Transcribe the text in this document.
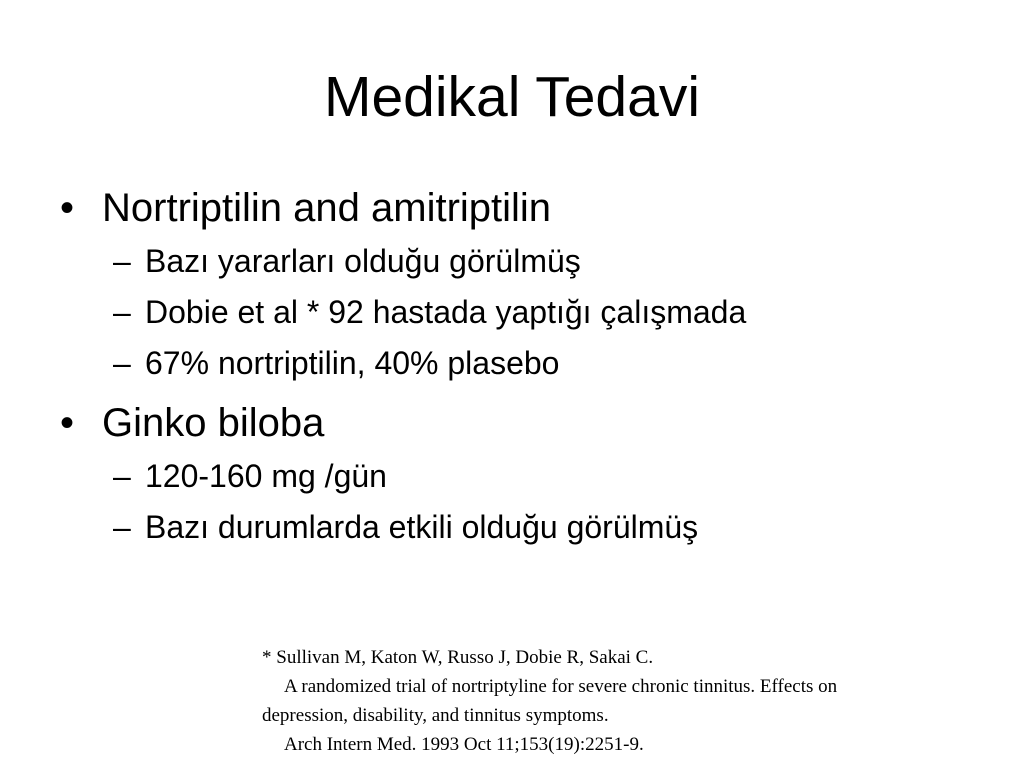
Medikal Tedavi
• Nortriptilin and amitriptilin
– Bazı yararları olduğu görülmüş
– Dobie et al * 92 hastada yaptığı çalışmada
– 67% nortriptilin, 40% plasebo
• Ginko biloba
– 120-160 mg /gün
– Bazı durumlarda etkili olduğu görülmüş
* Sullivan M, Katon W, Russo J, Dobie R, Sakai C.
A randomized trial of nortriptyline for severe chronic tinnitus. Effects on
depression, disability, and tinnitus symptoms.
Arch Intern Med. 1993 Oct 11;153(19):2251-9.
